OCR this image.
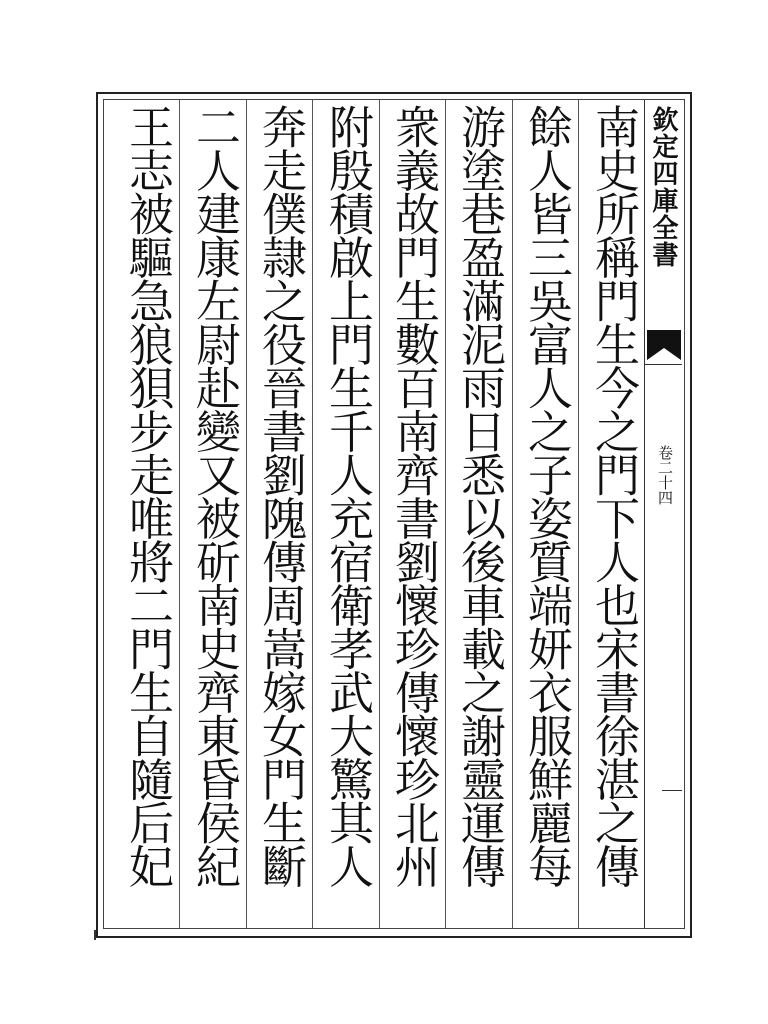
欽定四庫全書
卷二十四
南史所稱門生今之門下人也宋書徐湛之傳
餘人皆三吳富人之子姿質端妍衣服鮮麗每
游塗巷盈滿泥雨日悉以後車載之謝靈運傳
衆義故門生數百南齊書劉懷珍傳懷珍北州
附殷積啟上門生千人充宿衛孝武大驚其人
奔走僕隷之役晉書劉隗傳周嵩嫁女門生斷
二人建康左尉赴變又被斫南史齊東昏侯紀
王志被驅急狼狽步走唯將二門生自隨后妃
